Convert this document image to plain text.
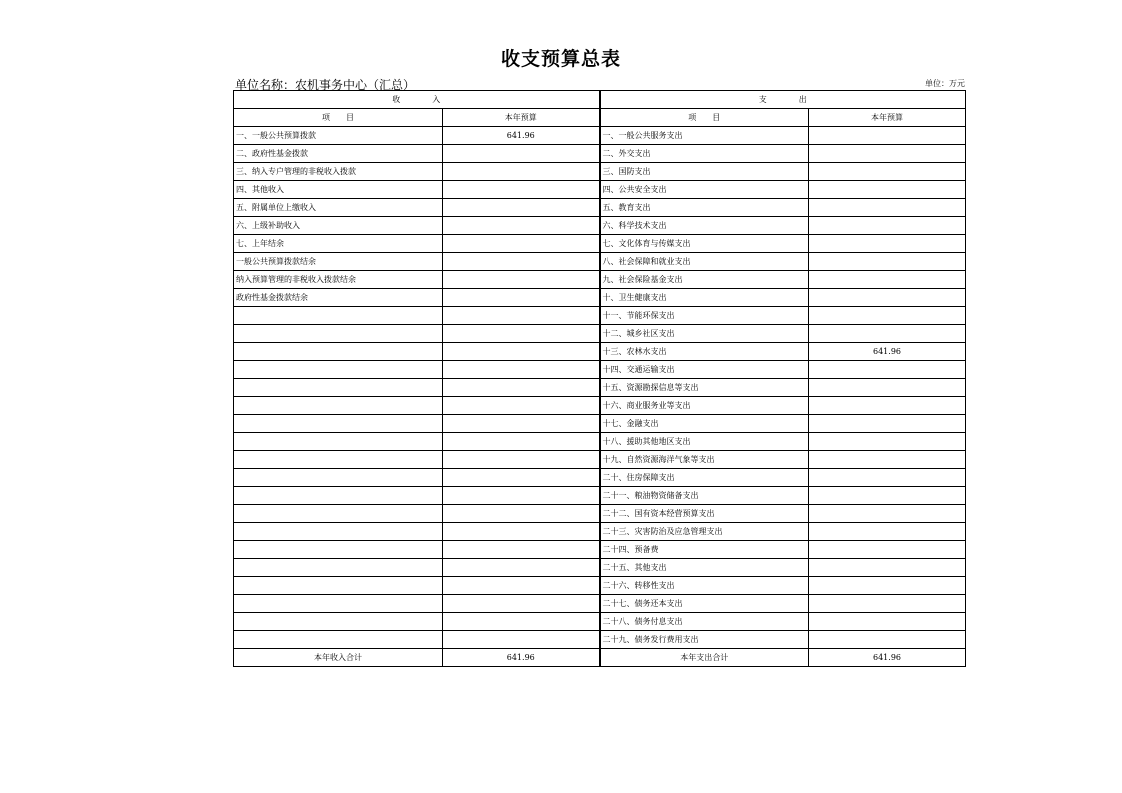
收支预算总表
单位名称：农机事务中心（汇总）	单位：万元
收　　　　入		支　　　　出	
项　　目	本年预算	项　　目	本年预算
一、一般公共预算拨款	641.96	一、一般公共服务支出	
二、政府性基金拨款		二、外交支出	
三、纳入专户管理的非税收入拨款		三、国防支出	
四、其他收入		四、公共安全支出	
五、附属单位上缴收入		五、教育支出	
六、上级补助收入		六、科学技术支出	
七、上年结余		七、文化体育与传媒支出	
一般公共预算拨款结余		八、社会保障和就业支出	
纳入预算管理的非税收入拨款结余		九、社会保险基金支出	
政府性基金拨款结余		十、卫生健康支出	
		十一、节能环保支出	
		十二、城乡社区支出	
		十三、农林水支出	641.96
		十四、交通运输支出	
		十五、资源勘探信息等支出	
		十六、商业服务业等支出	
		十七、金融支出	
		十八、援助其他地区支出	
		十九、自然资源海洋气象等支出	
		二十、住房保障支出	
		二十一、粮油物资储备支出	
		二十二、国有资本经营预算支出	
		二十三、灾害防治及应急管理支出	
		二十四、预备费	
		二十五、其他支出	
		二十六、转移性支出	
		二十七、债务还本支出	
		二十八、债务付息支出	
		二十九、债务发行费用支出	
本年收入合计	641.96	本年支出合计	641.96
